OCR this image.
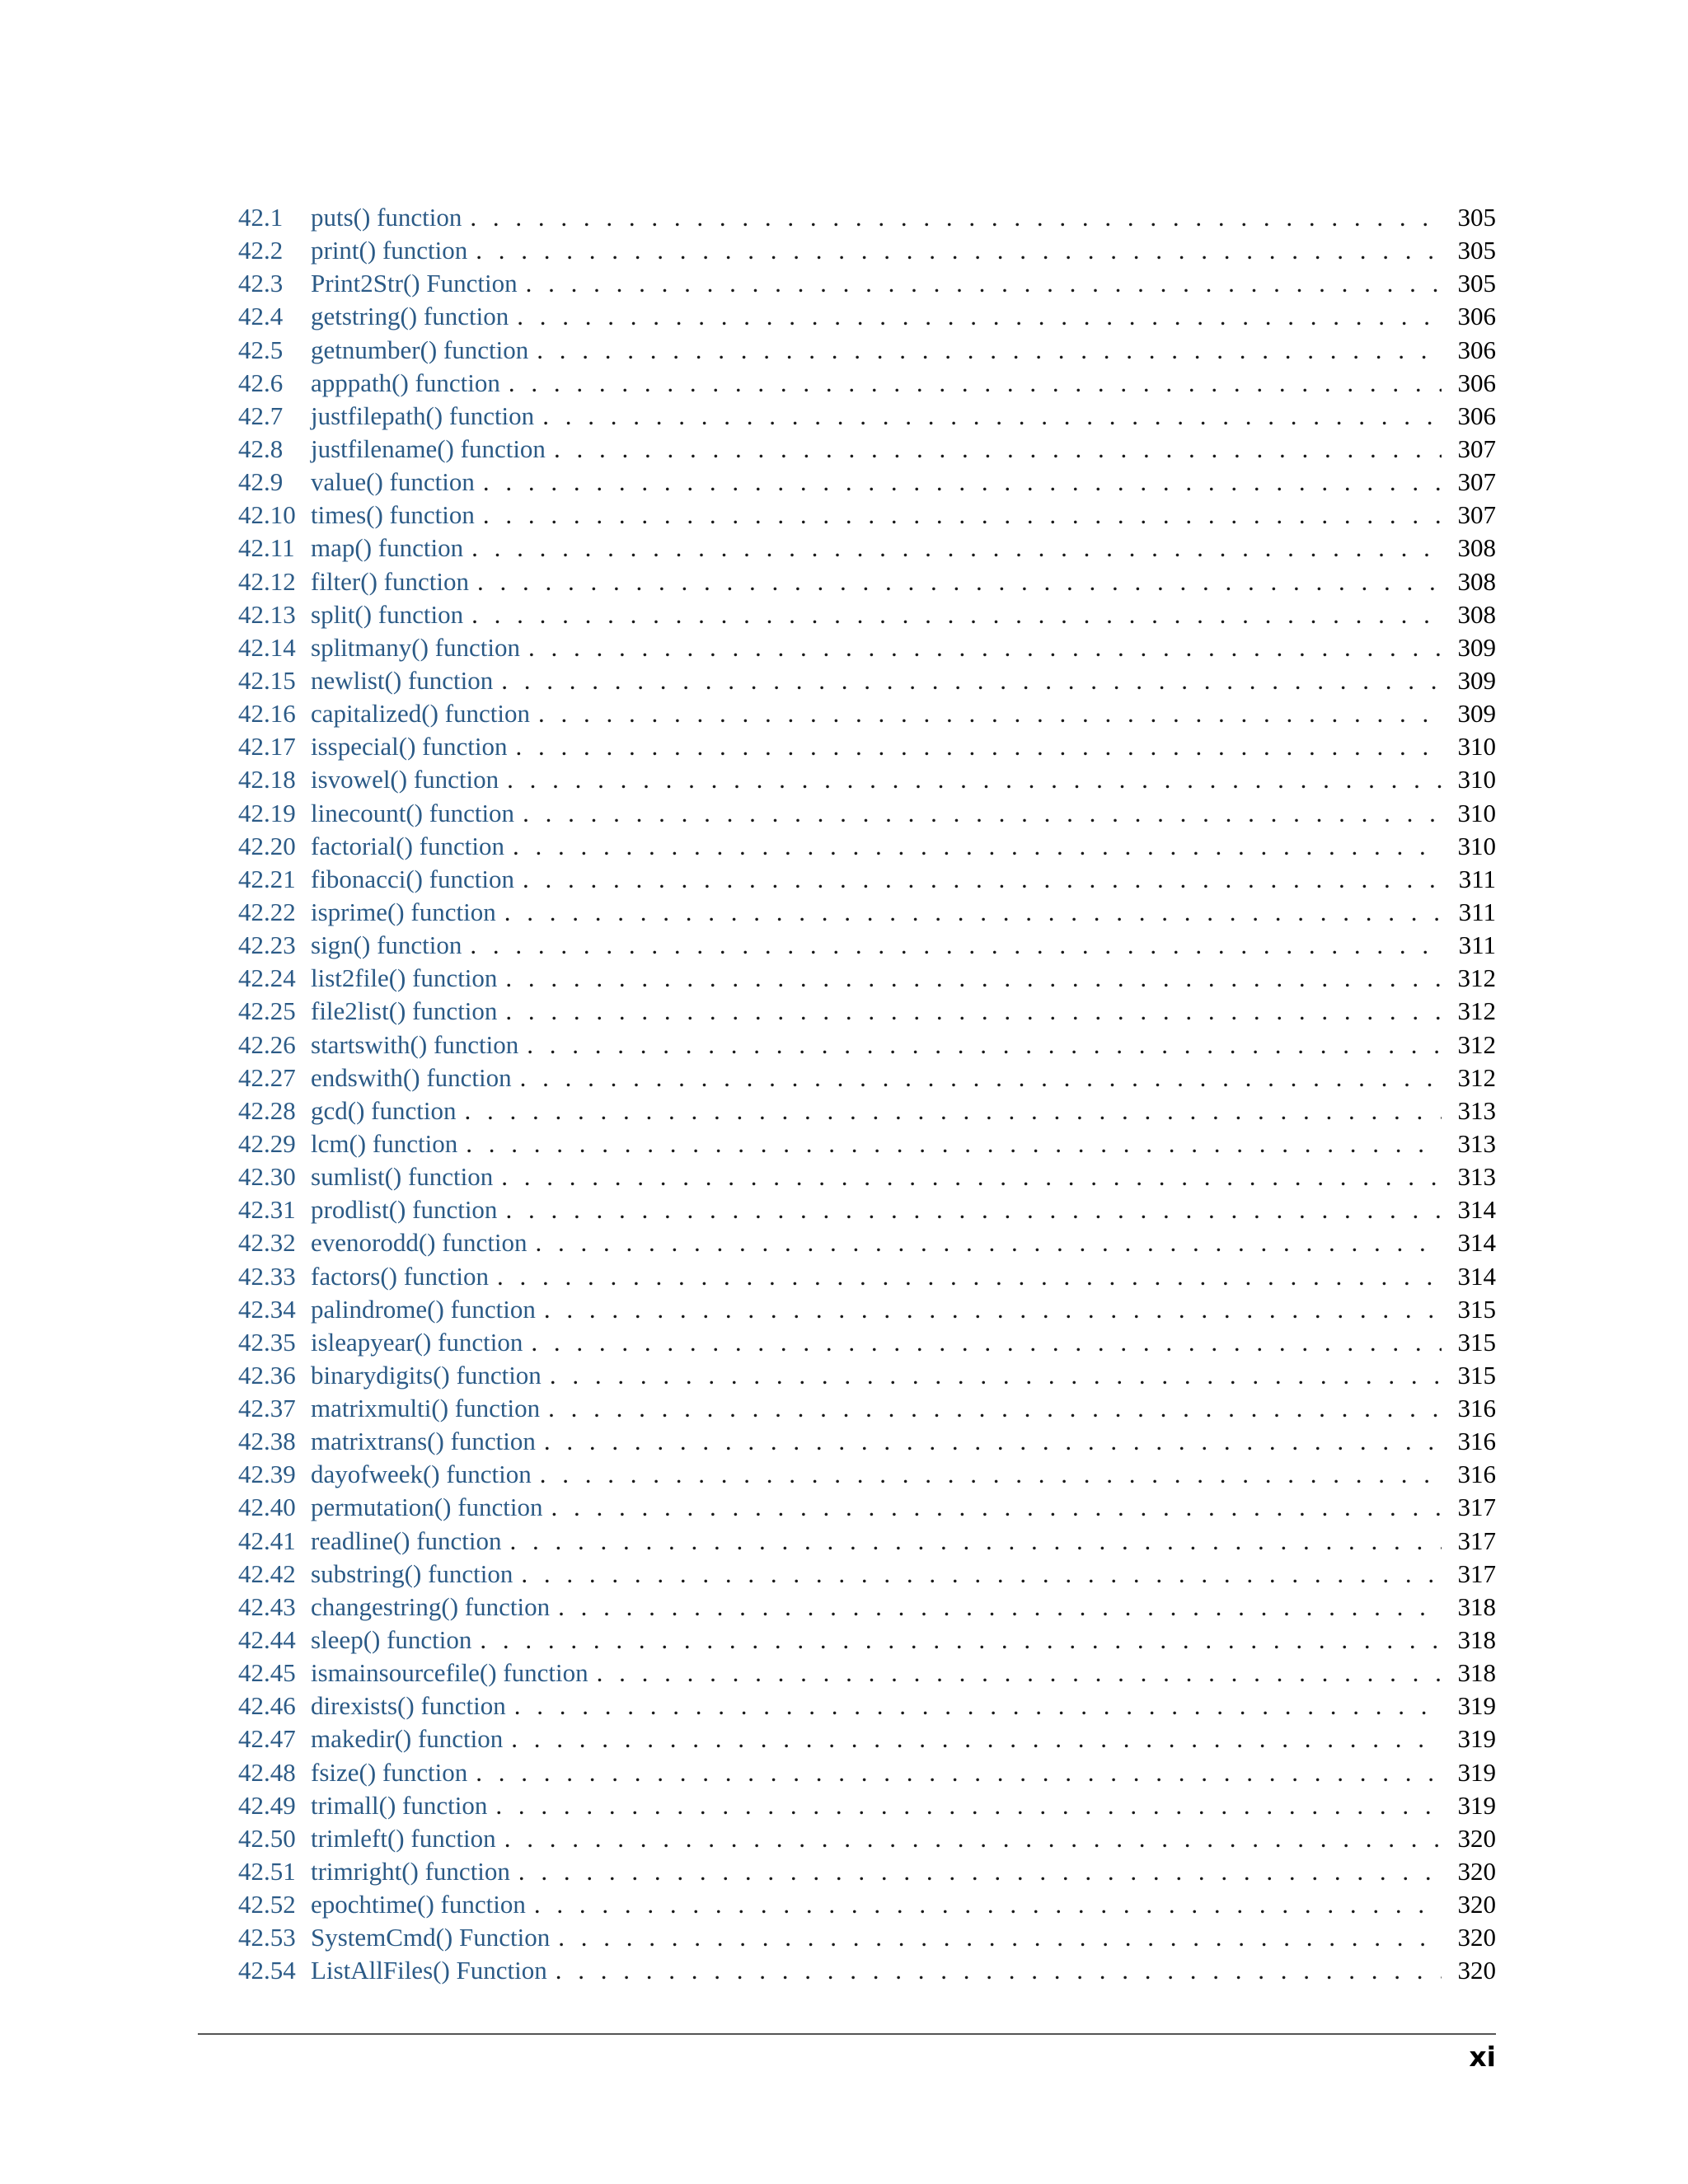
42.1	puts() function . . .	305
42.2	print() function . . .	305
42.3	Print2Str() Function . . .	305
42.4	getstring() function . . .	306
42.5	getnumber() function . . .	306
42.6	apppath() function . . .	306
42.7	justfilepath() function . . .	306
42.8	justfilename() function . . .	307
42.9	value() function . . .	307
42.10 times() function . . .	307
42.11 map() function . . .	308
42.12 filter() function . . .	308
42.13 split() function . . .	308
42.14 splitmany() function . . .	309
42.15 newlist() function . . .	309
42.16 capitalized() function . . .	309
42.17 isspecial() function . . .	310
42.18 isvowel() function . . .	310
42.19 linecount() function . . .	310
42.20 factorial() function . . .	310
42.21 fibonacci() function . . .	311
42.22 isprime() function . . .	311
42.23 sign() function . . .	311
42.24 list2file() function . . .	312
42.25 file2list() function . . .	312
42.26 startswith() function . . .	312
42.27 endswith() function . . .	312
42.28 gcd() function . . .	313
42.29 lcm() function . . .	313
42.30 sumlist() function . . .	313
42.31 prodlist() function . . .	314
42.32 evenorodd() function . . .	314
42.33 factors() function . . .	314
42.34 palindrome() function . . .	315
42.35 isleapyear() function . . .	315
42.36 binarydigits() function . . .	315
42.37 matrixmulti() function . . .	316
42.38 matrixtrans() function . . .	316
42.39 dayofweek() function . . .	316
42.40 permutation() function . . .	317
42.41 readline() function . . .	317
42.42 substring() function . . .	317
42.43 changestring() function . . .	318
42.44 sleep() function . . .	318
42.45 ismainsourcefile() function . . .	318
42.46 direxists() function . . .	319
42.47 makedir() function . . .	319
42.48 fsize() function . . .	319
42.49 trimall() function . . .	319
42.50 trimleft() function . . .	320
42.51 trimright() function . . .	320
42.52 epochtime() function . . .	320
42.53 SystemCmd() Function . . .	320
42.54 ListAllFiles() Function . . .	320
xi
